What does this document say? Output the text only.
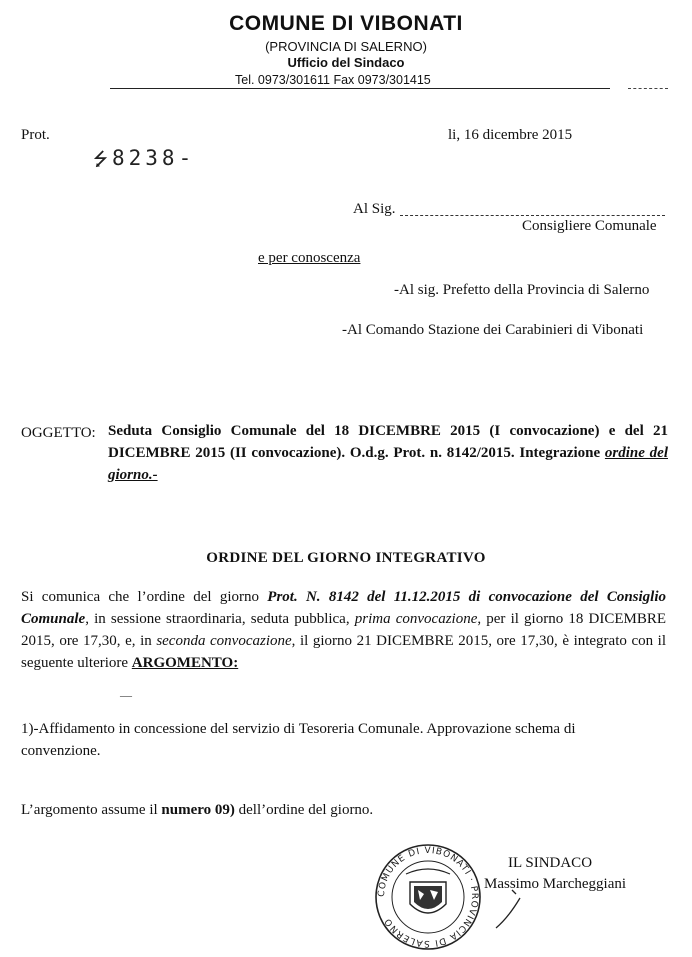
COMUNE DI VIBONATI
(PROVINCIA DI SALERNO)
Ufficio del Sindaco
Tel. 0973/301611 Fax 0973/301415
Prot.
⭍8238-
li, 16 dicembre 2015
Al Sig.
Consigliere Comunale
e per conoscenza
-Al sig. Prefetto della Provincia di Salerno
-Al Comando Stazione dei Carabinieri di Vibonati
OGGETTO: Seduta Consiglio Comunale del 18 DICEMBRE 2015 (I convocazione) e del 21 DICEMBRE 2015 (II convocazione). O.d.g. Prot. n. 8142/2015. Integrazione ordine del giorno.-
ORDINE DEL GIORNO INTEGRATIVO
Si comunica che l’ordine del giorno Prot. N. 8142 del 11.12.2015 di convocazione del Consiglio Comunale, in sessione straordinaria, seduta pubblica, prima convocazione, per il giorno 18 DICEMBRE 2015, ore 17,30, e, in seconda convocazione, il giorno 21 DICEMBRE 2015, ore 17,30, è integrato con il seguente ulteriore ARGOMENTO:
—
1)-Affidamento in concessione del servizio di Tesoreria Comunale. Approvazione schema di convenzione.
L’argomento assume il numero 09) dell’ordine del giorno.
COMUNE DI VIBONATI · PROVINCIA DI SALERNO
IL SINDACO
Massimo Marcheggiani
